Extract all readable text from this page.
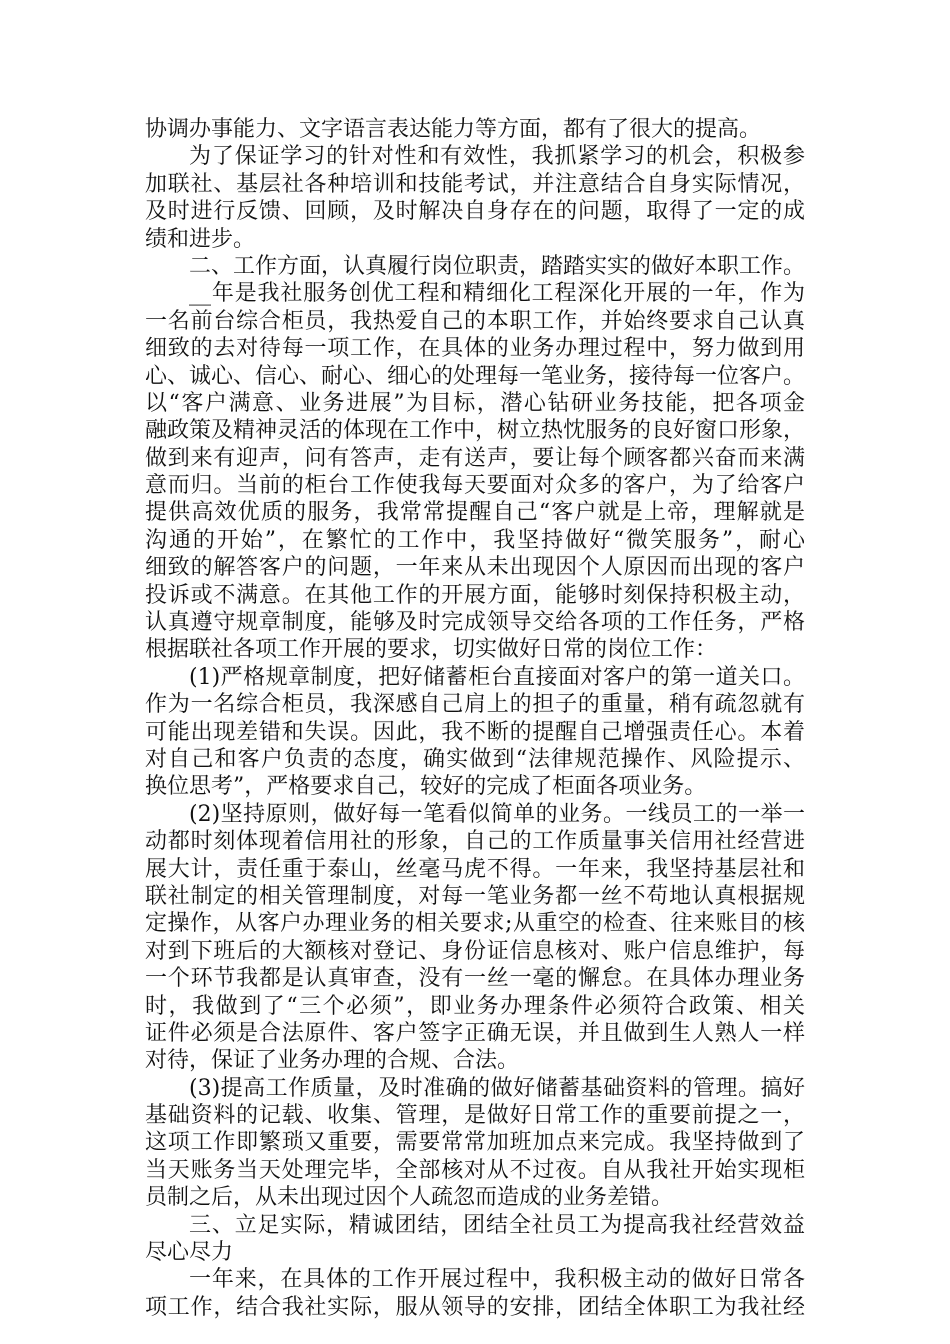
协调办事能力、文字语言表达能力等方面，都有了很大的提高。
为了保证学习的针对性和有效性，我抓紧学习的机会，积极参
加联社、基层社各种培训和技能考试，并注意结合自身实际情况，
及时进行反馈、回顾，及时解决自身存在的问题，取得了一定的成
绩和进步。
二、工作方面，认真履行岗位职责，踏踏实实的做好本职工作。
__年是我社服务创优工程和精细化工程深化开展的一年，作为
一名前台综合柜员，我热爱自己的本职工作，并始终要求自己认真
细致的去对待每一项工作，在具体的业务办理过程中，努力做到用
心、诚心、信心、耐心、细心的处理每一笔业务，接待每一位客户。
以“客户满意、业务进展”为目标，潜心钻研业务技能，把各项金
融政策及精神灵活的体现在工作中，树立热忱服务的良好窗口形象，
做到来有迎声，问有答声，走有送声，要让每个顾客都兴奋而来满
意而归。当前的柜台工作使我每天要面对众多的客户，为了给客户
提供高效优质的服务，我常常提醒自己“客户就是上帝，理解就是
沟通的开始”，在繁忙的工作中，我坚持做好“微笑服务”，耐心
细致的解答客户的问题，一年来从未出现因个人原因而出现的客户
投诉或不满意。在其他工作的开展方面，能够时刻保持积极主动，
认真遵守规章制度，能够及时完成领导交给各项的工作任务，严格
根据联社各项工作开展的要求，切实做好日常的岗位工作：
(1)严格规章制度，把好储蓄柜台直接面对客户的第一道关口。
作为一名综合柜员，我深感自己肩上的担子的重量，稍有疏忽就有
可能出现差错和失误。因此，我不断的提醒自己增强责任心。本着
对自己和客户负责的态度，确实做到“法律规范操作、风险提示、
换位思考”，严格要求自己，较好的完成了柜面各项业务。
(2)坚持原则，做好每一笔看似简单的业务。一线员工的一举一
动都时刻体现着信用社的形象，自己的工作质量事关信用社经营进
展大计，责任重于泰山，丝毫马虎不得。一年来，我坚持基层社和
联社制定的相关管理制度，对每一笔业务都一丝不苟地认真根据规
定操作，从客户办理业务的相关要求;从重空的检查、往来账目的核
对到下班后的大额核对登记、身份证信息核对、账户信息维护，每
一个环节我都是认真审查，没有一丝一毫的懈怠。在具体办理业务
时，我做到了“三个必须”，即业务办理条件必须符合政策、相关
证件必须是合法原件、客户签字正确无误，并且做到生人熟人一样
对待，保证了业务办理的合规、合法。
(3)提高工作质量，及时准确的做好储蓄基础资料的管理。搞好
基础资料的记载、收集、管理，是做好日常工作的重要前提之一，
这项工作即繁琐又重要，需要常常加班加点来完成。我坚持做到了
当天账务当天处理完毕，全部核对从不过夜。自从我社开始实现柜
员制之后，从未出现过因个人疏忽而造成的业务差错。
三、立足实际，精诚团结，团结全社员工为提高我社经营效益
尽心尽力
一年来，在具体的工作开展过程中，我积极主动的做好日常各
项工作，结合我社实际，服从领导的安排，团结全体职工为我社经
